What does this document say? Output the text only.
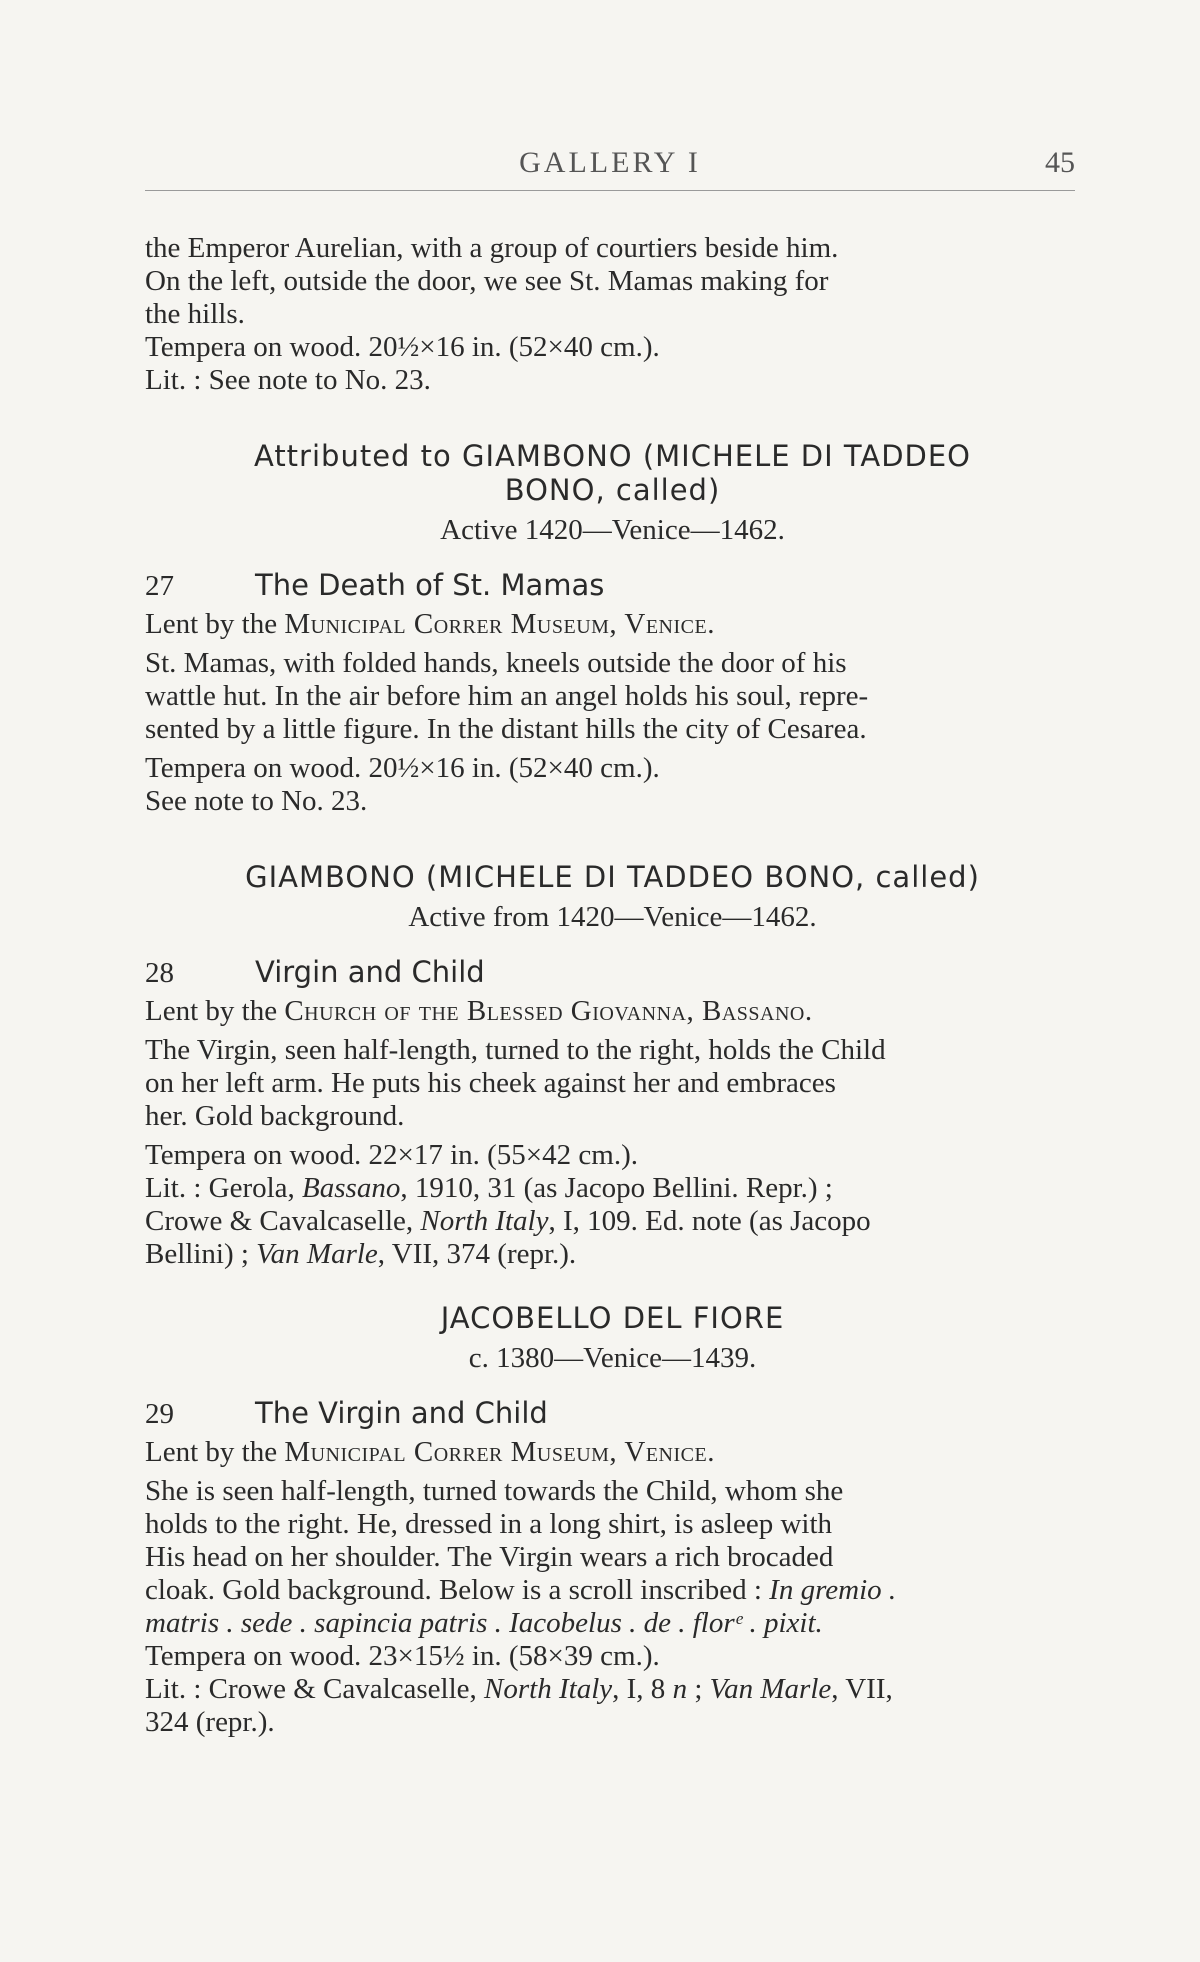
GALLERY I	45

the Emperor Aurelian, with a group of courtiers beside him.

On the left, outside the door, we see St. Mamas making for

the hills.

Tempera on wood. 20½×16 in. (52×40 cm.).

Lit. : See note to No. 23.

Attributed to GIAMBONO (MICHELE DI TADDEO

BONO, called)

Active 1420—Venice—1462.

27	The Death of St. Mamas

Lent by the Municipal Correr Museum, Venice.

St. Mamas, with folded hands, kneels outside the door of his

wattle hut. In the air before him an angel holds his soul, repre-

sented by a little figure. In the distant hills the city of Cesarea.

Tempera on wood. 20½×16 in. (52×40 cm.).

See note to No. 23.

GIAMBONO (MICHELE DI TADDEO BONO, called)

Active from 1420—Venice—1462.

28	Virgin and Child

Lent by the Church of the Blessed Giovanna, Bassano.

The Virgin, seen half-length, turned to the right, holds the Child

on her left arm. He puts his cheek against her and embraces

her. Gold background.

Tempera on wood. 22×17 in. (55×42 cm.).

Lit. : Gerola, Bassano, 1910, 31 (as Jacopo Bellini. Repr.) ;

Crowe & Cavalcaselle, North Italy, I, 109. Ed. note (as Jacopo

Bellini) ; Van Marle, VII, 374 (repr.).

JACOBELLO DEL FIORE

c. 1380—Venice—1439.

29	The Virgin and Child

Lent by the Municipal Correr Museum, Venice.

She is seen half-length, turned towards the Child, whom she

holds to the right. He, dressed in a long shirt, is asleep with

His head on her shoulder. The Virgin wears a rich brocaded

cloak. Gold background. Below is a scroll inscribed : In gremio .

matris . sede . sapincia patris . Iacobelus . de . florᵉ . pixit.

Tempera on wood. 23×15½ in. (58×39 cm.).

Lit. : Crowe & Cavalcaselle, North Italy, I, 8 n ; Van Marle, VII,

324 (repr.).
